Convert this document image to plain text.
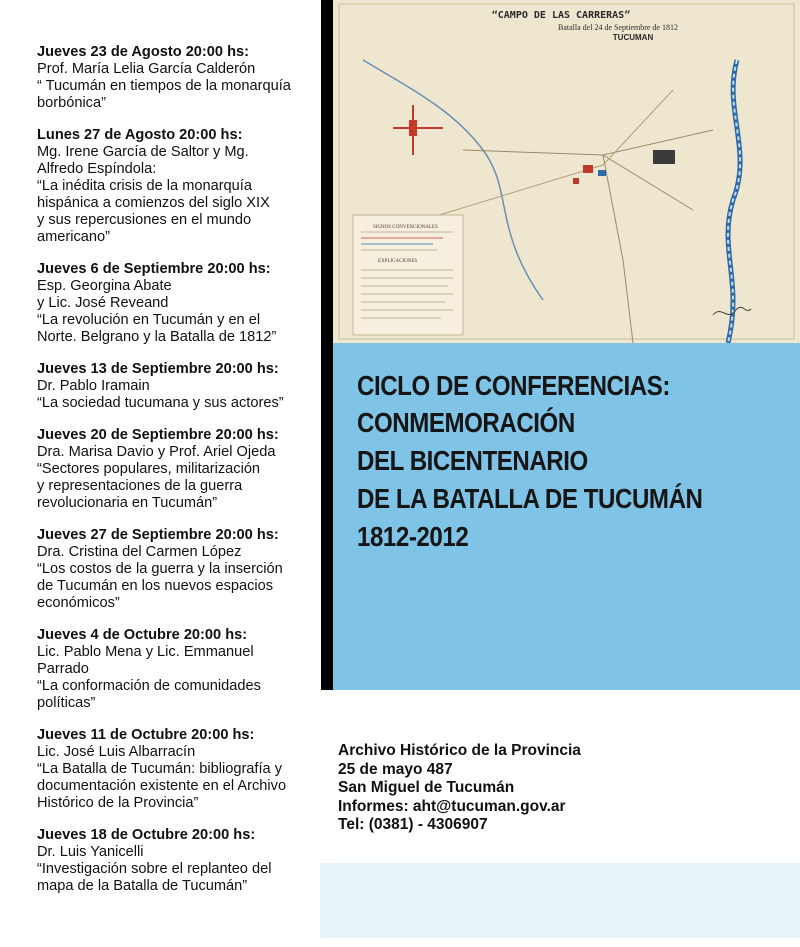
Jueves 23 de Agosto 20:00 hs:
Prof. María Lelia García Calderón
“ Tucumán en tiempos de la monarquía
borbónica”
Lunes 27 de Agosto 20:00 hs:
Mg. Irene García de Saltor y Mg.
Alfredo Espíndola:
“La inédita crisis de la monarquía
hispánica a comienzos del siglo XIX
y sus repercusiones en el mundo
americano”
Jueves 6 de Septiembre 20:00 hs:
Esp. Georgina Abate
y Lic. José Reveand
“La revolución en Tucumán y en el
Norte. Belgrano y la Batalla de 1812”
Jueves 13 de Septiembre 20:00 hs:
Dr. Pablo Iramain
“La sociedad tucumana y sus actores”
Jueves 20 de Septiembre 20:00 hs:
Dra. Marisa Davio y Prof. Ariel Ojeda
“Sectores populares, militarización
y representaciones de la guerra
revolucionaria en Tucumán”
Jueves 27 de Septiembre 20:00 hs:
Dra. Cristina del Carmen López
“Los costos de la guerra y la inserción
de Tucumán en los nuevos espacios
económicos”
Jueves 4 de Octubre 20:00 hs:
Lic. Pablo Mena y Lic. Emmanuel
Parrado
“La conformación de comunidades
políticas”
Jueves 11 de Octubre 20:00 hs:
Lic. José Luis Albarracín
“La Batalla de Tucumán: bibliografía y
documentación existente en el Archivo
Histórico de la Provincia”
Jueves 18 de Octubre 20:00 hs:
Dr. Luis Yanicelli
“Investigación sobre el replanteo del
mapa de la Batalla de Tucumán”
SIGNOS CONVENCIONALES
EXPLICACIONES
“CAMPO DE LAS CARRERAS”
Batalla del 24 de Septiembre de 1812
TUCUMAN
CICLO DE CONFERENCIAS:
CONMEMORACIÓN
DEL BICENTENARIO
DE LA BATALLA DE TUCUMÁN
1812-2012
Archivo Histórico de la Provincia
25 de mayo 487
San Miguel de Tucumán
Informes: aht@tucuman.gov.ar
Tel: (0381) - 4306907
